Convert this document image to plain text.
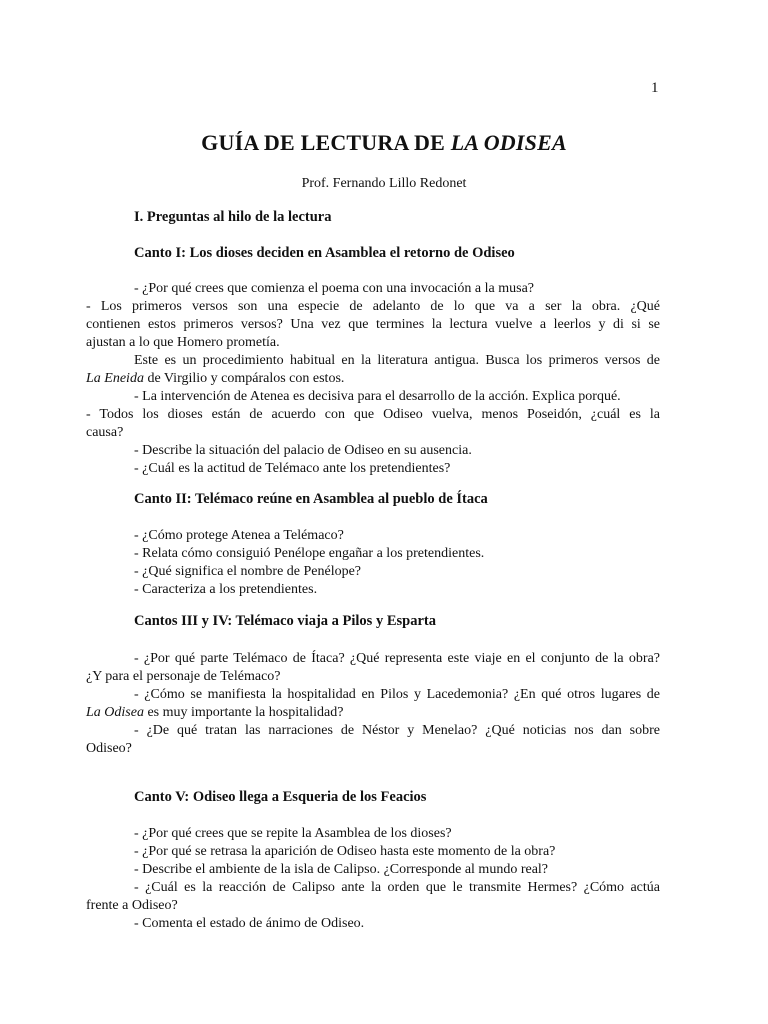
1
GUÍA DE LECTURA DE LA ODISEA
Prof. Fernando Lillo Redonet
I. Preguntas al hilo de la lectura
Canto I: Los dioses deciden en Asamblea el retorno de Odiseo
- ¿Por qué crees que comienza el poema con una invocación a la musa?
- Los primeros versos son una especie de adelanto de lo que va a ser la obra. ¿Qué
contienen estos primeros versos? Una vez que termines la lectura vuelve a leerlos y di si se
ajustan a lo que Homero prometía.
Este es un procedimiento habitual en la literatura antigua. Busca los primeros versos de
La Eneida de Virgilio y compáralos con estos.
- La intervención de Atenea es decisiva para el desarrollo de la acción. Explica porqué.
- Todos los dioses están de acuerdo con que Odiseo vuelva, menos Poseidón, ¿cuál es la
causa?
- Describe la situación del palacio de Odiseo en su ausencia.
- ¿Cuál es la actitud de Telémaco ante los pretendientes?
Canto II: Telémaco reúne en Asamblea al pueblo de Ítaca
- ¿Cómo protege Atenea a Telémaco?
- Relata cómo consiguió Penélope engañar a los pretendientes.
- ¿Qué significa el nombre de Penélope?
- Caracteriza a los pretendientes.
Cantos III y IV: Telémaco viaja a Pilos y Esparta
- ¿Por qué parte Telémaco de Ítaca? ¿Qué representa este viaje en el conjunto de la obra?
¿Y para el personaje de Telémaco?
- ¿Cómo se manifiesta la hospitalidad en Pilos y Lacedemonia? ¿En qué otros lugares de
La Odisea es muy importante la hospitalidad?
- ¿De qué tratan las narraciones de Néstor y Menelao? ¿Qué noticias nos dan sobre
Odiseo?
Canto V: Odiseo llega a Esqueria de los Feacios
- ¿Por qué crees que se repite la Asamblea de los dioses?
- ¿Por qué se retrasa la aparición de Odiseo hasta este momento de la obra?
- Describe el ambiente de la isla de Calipso. ¿Corresponde al mundo real?
- ¿Cuál es la reacción de Calipso ante la orden que le transmite Hermes? ¿Cómo actúa
frente a Odiseo?
- Comenta el estado de ánimo de Odiseo.
